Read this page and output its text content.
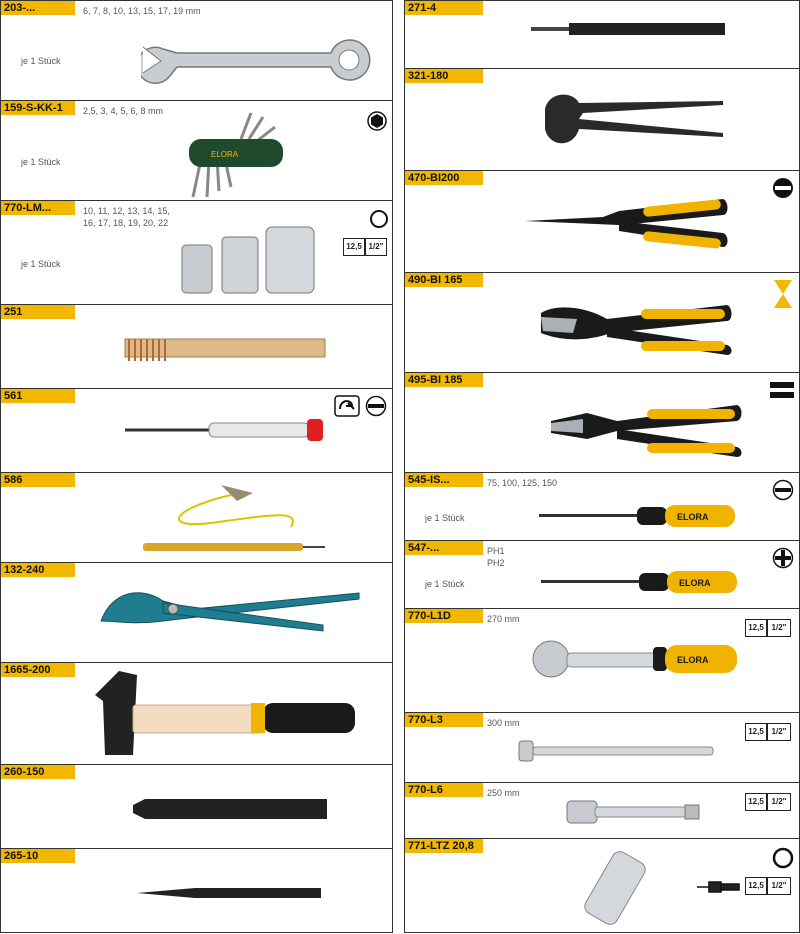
203-...	6, 7, 8, 10, 13, 15, 17, 19 mm
je 1 Stück
159-S-KK-1	2,5, 3, 4, 5, 6, 8 mm
je 1 Stück
ELORA
770-LM...	10, 11, 12, 13, 14, 15,
16, 17, 18, 19, 20, 22
je 1 Stück
12,5 1/2"
251
561
586
132-240
1665-200
260-150
265-10
271-4
321-180
470-BI200
490-BI 165
495-BI 185
545-IS...	75, 100, 125, 150
je 1 Stück	ELORA
547-...	PH1
PH2
je 1 Stück	ELORA
770-L1D	270 mm
12,5 1/2"
ELORA
770-L3	300 mm
12,5 1/2"
770-L6	250 mm
12,5 1/2"
771-LTZ 20,8
12,5 1/2"
